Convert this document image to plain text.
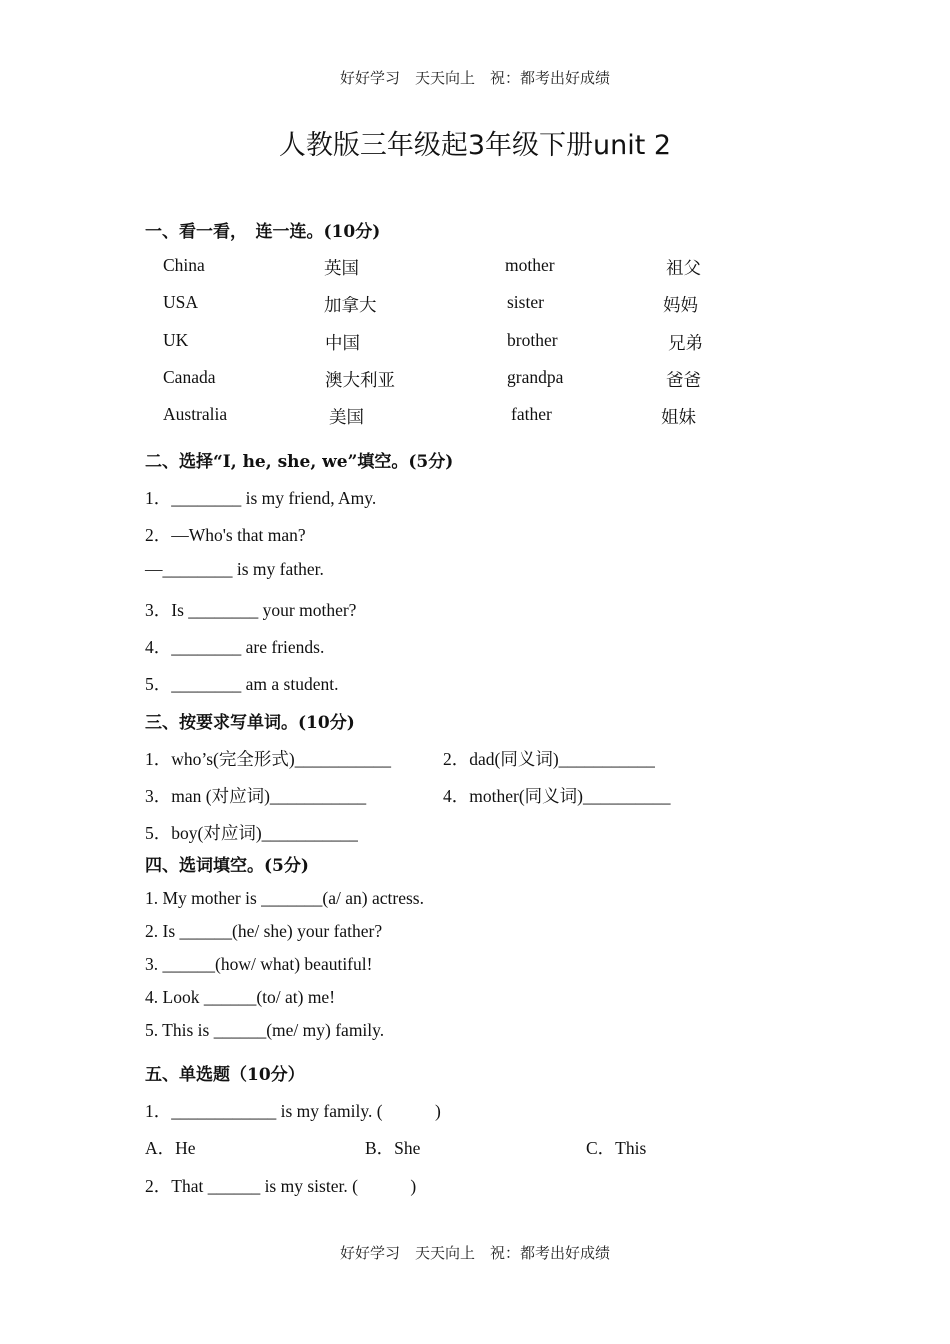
好好学习　天天向上　祝：都考出好成绩
人教版三年级起3年级下册unit 2
一、看一看，　连一连。(10分)
China	英国	mother	祖父
USA	加拿大	sister	妈妈
UK	中国	brother	兄弟
Canada	澳大利亚	grandpa	爸爸
Australia	美国	father	姐妹
二、选择“I, he, she, we”填空。(5分)
1．________ is my friend, Amy.
2．—Who's that man?
—________ is my father.
3．Is ________ your mother?
4．________ are friends.
5．________ am a student.
三、按要求写单词。(10分)
1．who’s(完全形式)___________	2．dad(同义词)___________
3．man (对应词)___________	4．mother(同义词)__________
5．boy(对应词)___________
四、选词填空。(5分)
1. My mother is _______(a/ an) actress.
2. Is ______(he/ she) your father?
3. ______(how/ what) beautiful!
4. Look ______(to/ at) me!
5. This is ______(me/ my) family.
五、单选题（10分）
1．____________ is my family. (　　　)
A．He	B．She	C．This
2．That ______ is my sister. (　　　)
好好学习　天天向上　祝：都考出好成绩
